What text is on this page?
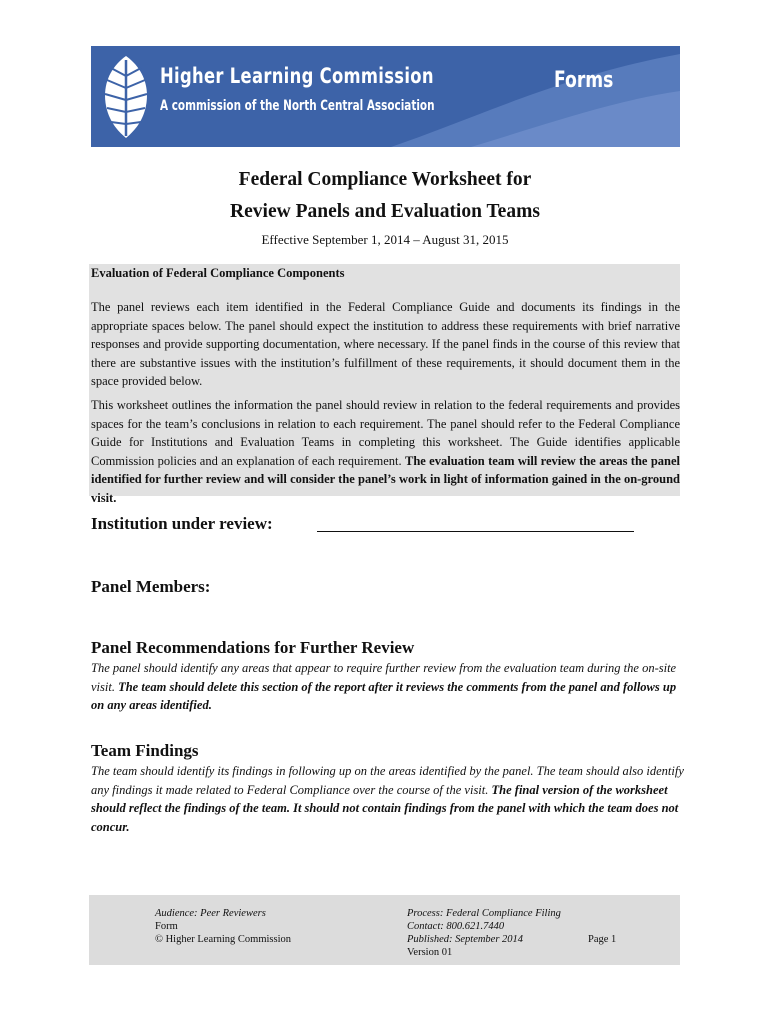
Higher Learning Commission
A commission of the North Central Association
Forms
Federal Compliance Worksheet for
Review Panels and Evaluation Teams
Effective September 1, 2014 – August 31, 2015
Evaluation of Federal Compliance Components

The panel reviews each item identified in the Federal Compliance Guide and documents its findings in the appropriate spaces below. The panel should expect the institution to address these requirements with brief narrative responses and provide supporting documentation, where necessary. If the panel finds in the course of this review that there are substantive issues with the institution’s fulfillment of these requirements, it should document them in the space provided below.

This worksheet outlines the information the panel should review in relation to the federal requirements and provides spaces for the team’s conclusions in relation to each requirement. The panel should refer to the Federal Compliance Guide for Institutions and Evaluation Teams in completing this worksheet. The Guide identifies applicable Commission policies and an explanation of each requirement. The evaluation team will review the areas the panel identified for further review and will consider the panel’s work in light of information gained in the on-ground visit.

Institution under review:
Panel Members:
Panel Recommendations for Further Review

The panel should identify any areas that appear to require further review from the evaluation team during the on-site visit. The team should delete this section of the report after it reviews the comments from the panel and follows up on any areas identified.

Team Findings

The team should identify its findings in following up on the areas identified by the panel. The team should also identify any findings it made related to Federal Compliance over the course of the visit. The final version of the worksheet should reflect the findings of the team. It should not contain findings from the panel with which the team does not concur.

Audience: Peer Reviewers
Form
© Higher Learning Commission
Process: Federal Compliance Filing
Contact: 800.621.7440
Published: September 2014
Version 01
Page 1
